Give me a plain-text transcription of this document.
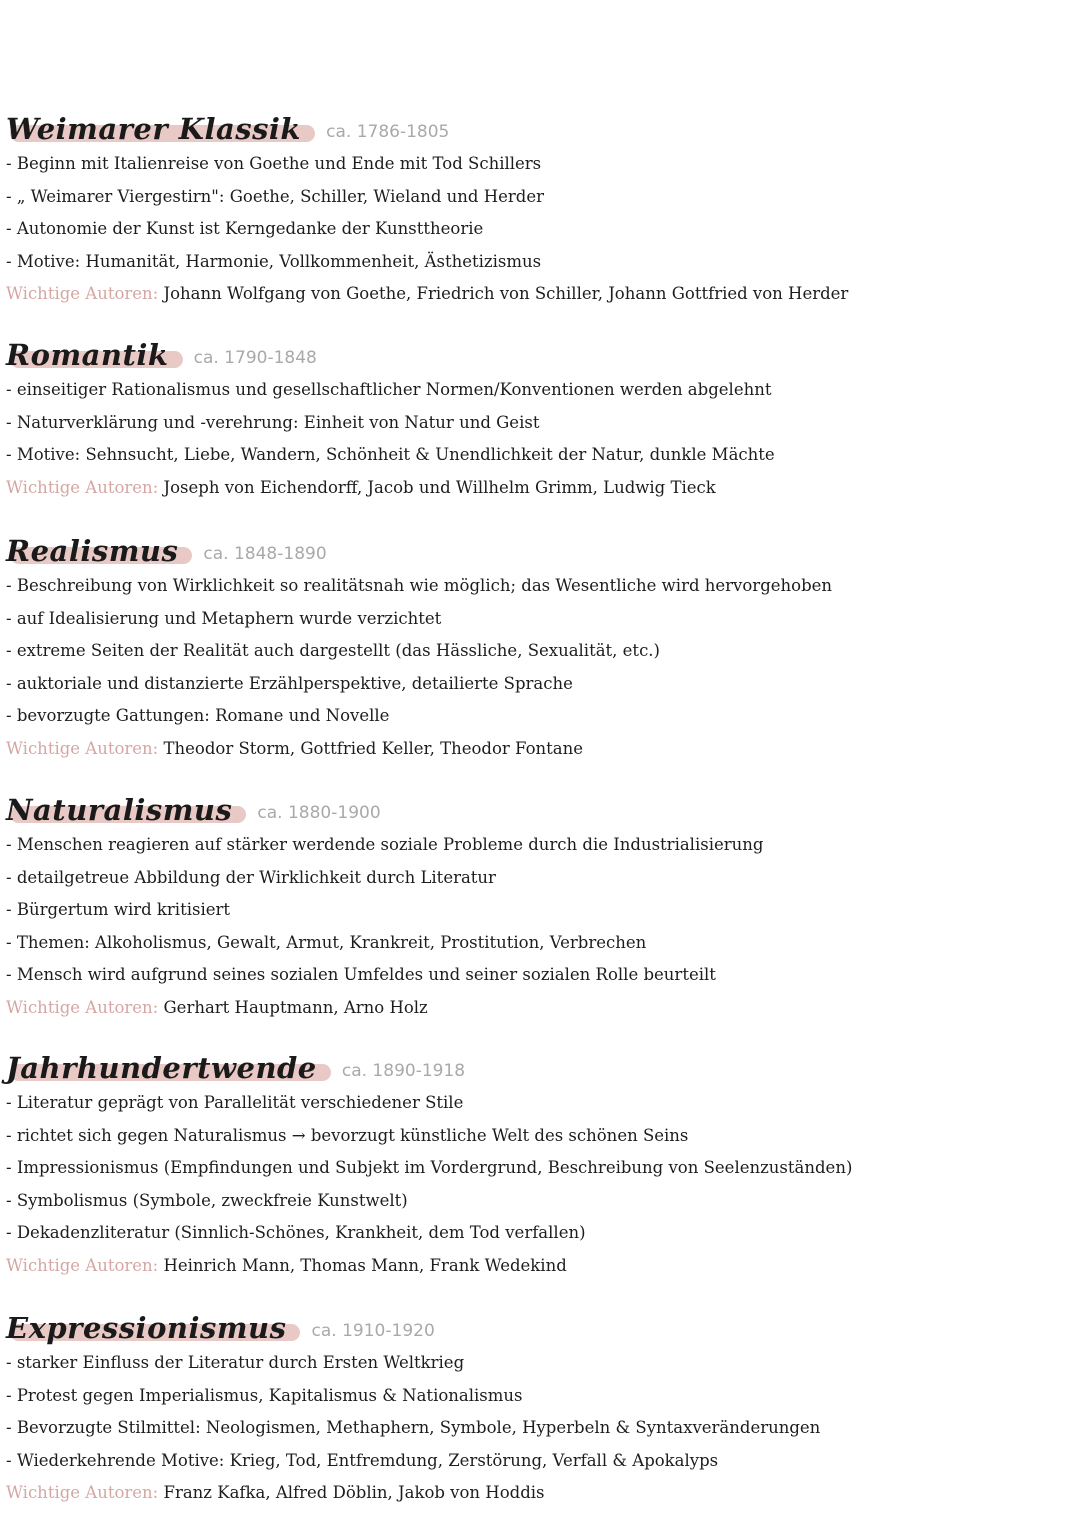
Weimarer Klassik ca. 1786-1805
- Beginn mit Italienreise von Goethe und Ende mit Tod Schillers
- „ Weimarer Viergestirn": Goethe, Schiller, Wieland und Herder
- Autonomie der Kunst ist Kerngedanke der Kunsttheorie
- Motive: Humanität, Harmonie, Vollkommenheit, Ästhetizismus
Wichtige Autoren: Johann Wolfgang von Goethe, Friedrich von Schiller, Johann Gottfried von Herder
Romantik ca. 1790-1848
- einseitiger Rationalismus und gesellschaftlicher Normen/Konventionen werden abgelehnt
- Naturverklärung und -verehrung: Einheit von Natur und Geist
- Motive: Sehnsucht, Liebe, Wandern, Schönheit & Unendlichkeit der Natur, dunkle Mächte
Wichtige Autoren: Joseph von Eichendorff, Jacob und Willhelm Grimm, Ludwig Tieck
Realismus ca. 1848-1890
- Beschreibung von Wirklichkeit so realitätsnah wie möglich; das Wesentliche wird hervorgehoben
- auf Idealisierung und Metaphern wurde verzichtet
- extreme Seiten der Realität auch dargestellt (das Hässliche, Sexualität, etc.)
- auktoriale und distanzierte Erzählperspektive, detailierte Sprache
- bevorzugte Gattungen: Romane und Novelle
Wichtige Autoren: Theodor Storm, Gottfried Keller, Theodor Fontane
Naturalismus ca. 1880-1900
- Menschen reagieren auf stärker werdende soziale Probleme durch die Industrialisierung
- detailgetreue Abbildung der Wirklichkeit durch Literatur
- Bürgertum wird kritisiert
- Themen: Alkoholismus, Gewalt, Armut, Krankreit, Prostitution, Verbrechen
- Mensch wird aufgrund seines sozialen Umfeldes und seiner sozialen Rolle beurteilt
Wichtige Autoren: Gerhart Hauptmann, Arno Holz
Jahrhundertwende ca. 1890-1918
- Literatur geprägt von Parallelität verschiedener Stile
- richtet sich gegen Naturalismus → bevorzugt künstliche Welt des schönen Seins
- Impressionismus (Empfindungen und Subjekt im Vordergrund, Beschreibung von Seelenzuständen)
- Symbolismus (Symbole, zweckfreie Kunstwelt)
- Dekadenzliteratur (Sinnlich-Schönes, Krankheit, dem Tod verfallen)
Wichtige Autoren: Heinrich Mann, Thomas Mann, Frank Wedekind
Expressionismus ca. 1910-1920
- starker Einfluss der Literatur durch Ersten Weltkrieg
- Protest gegen Imperialismus, Kapitalismus & Nationalismus
- Bevorzugte Stilmittel: Neologismen, Methaphern, Symbole, Hyperbeln & Syntaxveränderungen
- Wiederkehrende Motive: Krieg, Tod, Entfremdung, Zerstörung, Verfall & Apokalyps
Wichtige Autoren: Franz Kafka, Alfred Döblin, Jakob von Hoddis
